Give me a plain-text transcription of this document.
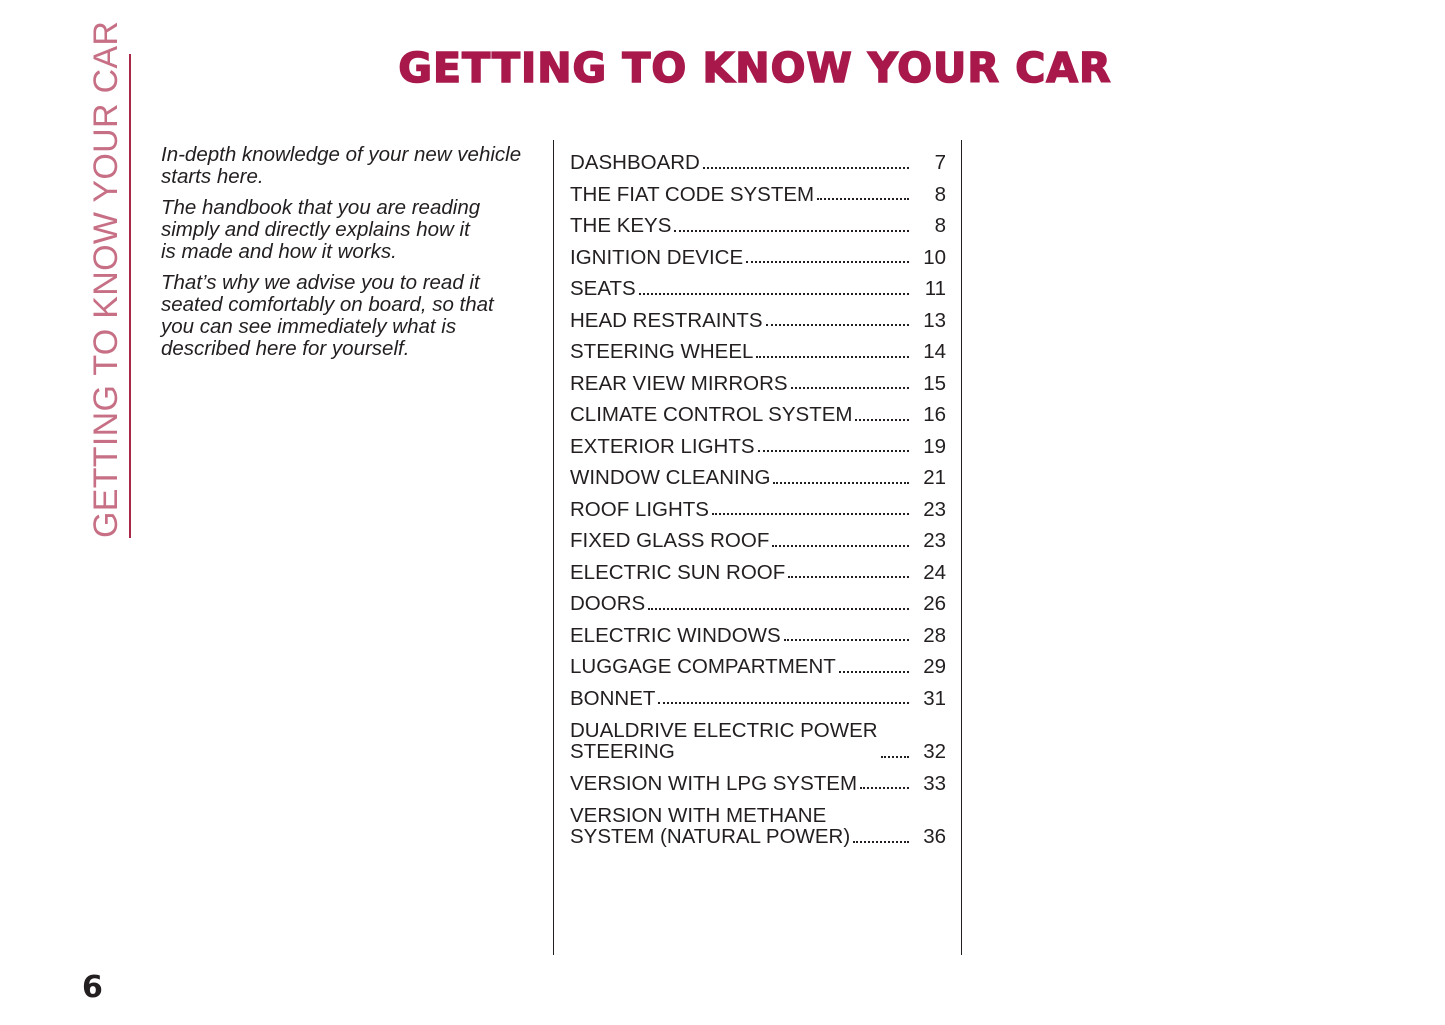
GETTING TO KNOW YOUR CAR	GETTING TO KNOW YOUR CAR

In-depth knowledge of your new vehicle
starts here.

The handbook that you are reading
simply and directly explains how it
is made and how it works.

That’s why we advise you to read it
seated comfortably on board, so that
you can see immediately what is
described here for yourself.

DASHBOARD	7
THE FIAT CODE SYSTEM	8
THE KEYS	8
IGNITION DEVICE	10
SEATS	11
HEAD RESTRAINTS	13
STEERING WHEEL	14
REAR VIEW MIRRORS	15
CLIMATE CONTROL SYSTEM	16
EXTERIOR LIGHTS	19
WINDOW CLEANING	21
ROOF LIGHTS	23
FIXED GLASS ROOF	23
ELECTRIC SUN ROOF	24
DOORS	26
ELECTRIC WINDOWS	28
LUGGAGE COMPARTMENT	29
BONNET	31
DUALDRIVE ELECTRIC POWER
STEERING	32
VERSION WITH LPG SYSTEM	33
VERSION WITH METHANE
SYSTEM (NATURAL POWER)	36
6
